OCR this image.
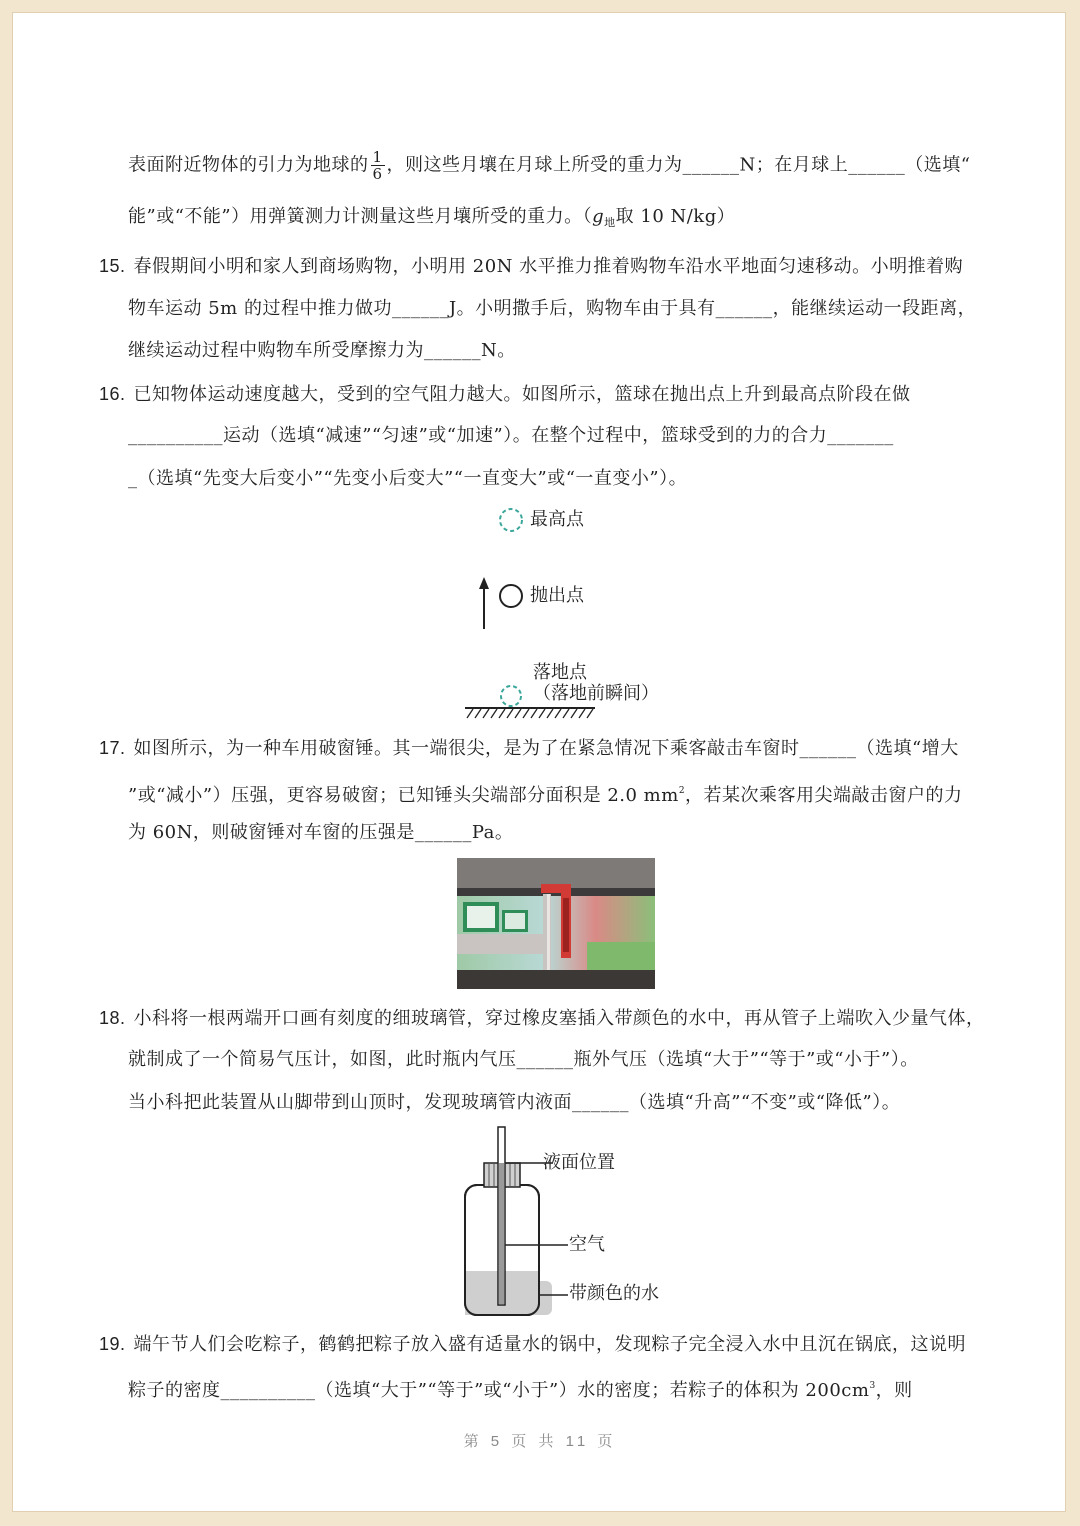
表面附近物体的引力为地球的 $\frac{1}{6}$ ，则这些月壤在月球上所受的重力为______N；在月球上______（选填“
能”或“不能”）用弹簧测力计测量这些月壤所受的重力。（$g_地$取 10 N/kg）
15. 春假期间小明和家人到商场购物，小明用 20N 水平推力推着购物车沿水平地面匀速移动。小明推着购
物车运动 5m 的过程中推力做功______J。小明撒手后，购物车由于具有______，能继续运动一段距离，
继续运动过程中购物车所受摩擦力为______N。
16. 已知物体运动速度越大，受到的空气阻力越大。如图所示，篮球在抛出点上升到最高点阶段在做
__________运动（选填“减速”“匀速”或“加速”）。在整个过程中，篮球受到的力的合力_______
_（选填“先变大后变小”“先变小后变大”“一直变大”或“一直变小”）。
最高点
抛出点
落地点
（落地前瞬间）
17. 如图所示，为一种车用破窗锤。其一端很尖，是为了在紧急情况下乘客敲击车窗时______（选填“增大
”或“减小”）压强，更容易破窗；已知锤头尖端部分面积是 2.0 $mm^2$，若某次乘客用尖端敲击窗户的力
为 60N，则破窗锤对车窗的压强是______Pa。
18. 小科将一根两端开口画有刻度的细玻璃管，穿过橡皮塞插入带颜色的水中，再从管子上端吹入少量气体，
就制成了一个简易气压计，如图，此时瓶内气压______瓶外气压（选填“大于”“等于”或“小于”）。
当小科把此装置从山脚带到山顶时，发现玻璃管内液面______（选填“升高”“不变”或“降低”）。
液面位置
空气
带颜色的水
19. 端午节人们会吃粽子，鹤鹤把粽子放入盛有适量水的锅中，发现粽子完全浸入水中且沉在锅底，这说明
粽子的密度__________（选填“大于”“等于”或“小于”）水的密度；若粽子的体积为 $200cm^3$，则
第 5 页 共 11 页
